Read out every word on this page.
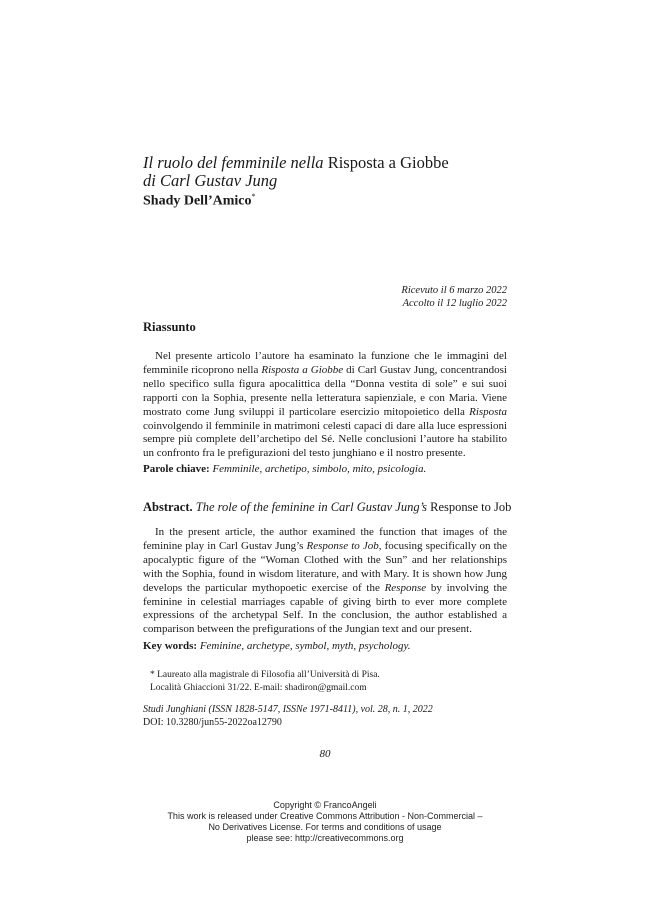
Il ruolo del femminile nella Risposta a Giobbe
di Carl Gustav Jung
Shady Dell’Amico*
Ricevuto il 6 marzo 2022
Accolto il 12 luglio 2022
Riassunto
Nel presente articolo l’autore ha esaminato la funzione che le immagini del femminile ricoprono nella Risposta a Giobbe di Carl Gustav Jung, concentrandosi nello specifico sulla figura apocalittica della “Donna vestita di sole” e sui suoi rapporti con la Sophia, presente nella letteratura sapienziale, e con Maria. Viene mostrato come Jung sviluppi il particolare esercizio mitopoietico della Risposta coinvolgendo il femminile in matrimoni celesti capaci di dare alla luce espressioni sempre più complete dell’archetipo del Sé. Nelle conclusioni l’autore ha stabilito un confronto fra le prefigurazioni del testo junghiano e il nostro presente.
Parole chiave: Femminile, archetipo, simbolo, mito, psicologia.
Abstract. The role of the feminine in Carl Gustav Jung’s Response to Job
In the present article, the author examined the function that images of the feminine play in Carl Gustav Jung’s Response to Job, focusing specifically on the apocalyptic figure of the “Woman Clothed with the Sun” and her relationships with the Sophia, found in wisdom literature, and with Mary. It is shown how Jung develops the particular mythopoetic exercise of the Response by involving the feminine in celestial marriages capable of giving birth to ever more complete expressions of the archetypal Self. In the conclusion, the author established a comparison between the prefigurations of the Jungian text and our present.
Key words: Feminine, archetype, symbol, myth, psychology.
* Laureato alla magistrale di Filosofia all’Università di Pisa.
Località Ghiaccioni 31/22. E-mail: shadiron@gmail.com
Studi Junghiani (ISSN 1828-5147, ISSNe 1971-8411), vol. 28, n. 1, 2022
DOI: 10.3280/jun55-2022oa12790
80
Copyright © FrancoAngeli
This work is released under Creative Commons Attribution - Non-Commercial –
No Derivatives License. For terms and conditions of usage
please see: http://creativecommons.org
